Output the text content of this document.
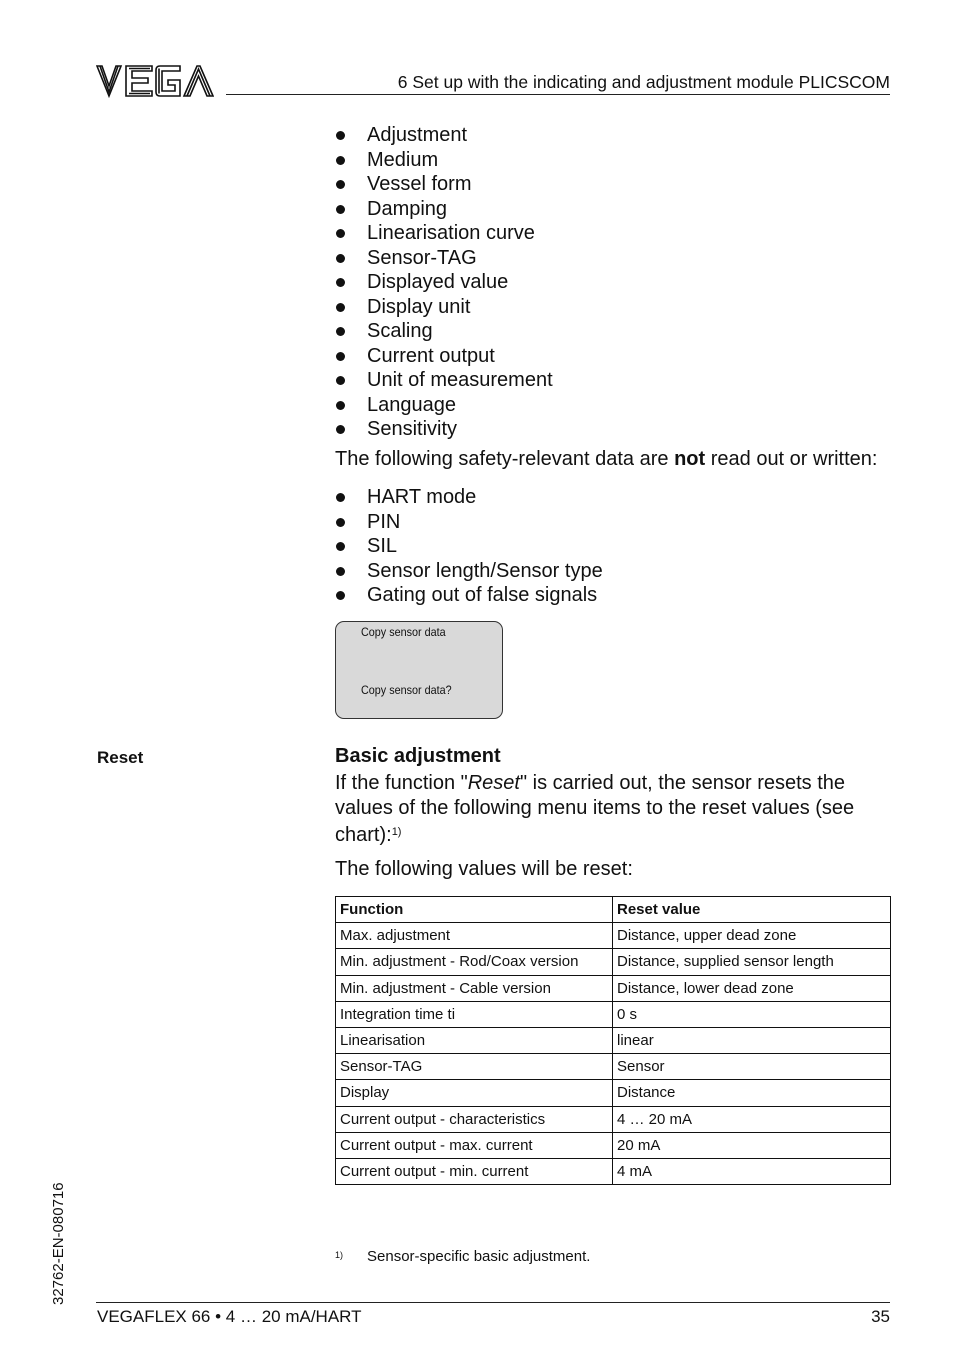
6 Set up with the indicating and adjustment module PLICSCOM
Adjustment
Medium
Vessel form
Damping
Linearisation curve
Sensor-TAG
Displayed value
Display unit
Scaling
Current output
Unit of measurement
Language
Sensitivity
The following safety-relevant data are not read out or written:
HART mode
PIN
SIL
Sensor length/Sensor type
Gating out of false signals
Copy sensor data
Copy sensor data?
Reset	Basic adjustment
If the function "Reset" is carried out, the sensor resets the values of the following menu items to the reset values (see chart):$^{1)}$
The following values will be reset:
Function	Reset value
Max. adjustment	Distance, upper dead zone
Min. adjustment - Rod/Coax version	Distance, supplied sensor length
Min. adjustment - Cable version	Distance, lower dead zone
Integration time ti	0 s
Linearisation	linear
Sensor-TAG	Sensor
Display	Distance
Current output - characteristics	4 … 20 mA
Current output - max. current	20 mA
Current output - min. current	4 mA
1) Sensor-specific basic adjustment.
32762-EN-080716
VEGAFLEX 66 • 4 … 20 mA/HART	35
